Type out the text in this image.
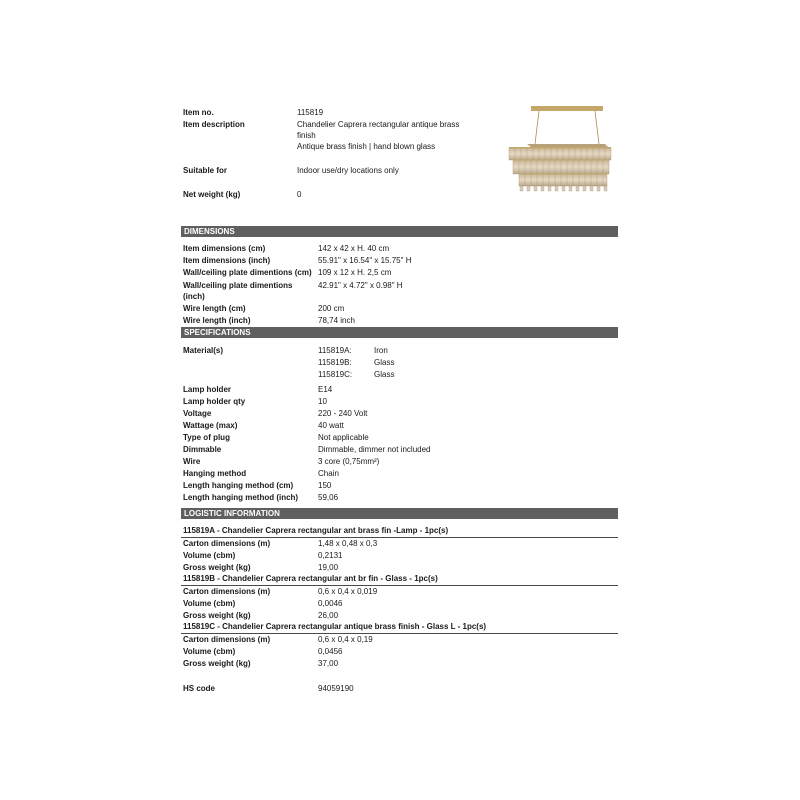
Item no.	115819
Item description	Chandelier Caprera rectangular antique brass
finish
Antique brass finish | hand blown glass
Suitable for	Indoor use/dry locations only
Net weight (kg)	0
DIMENSIONS
Item dimensions (cm)	142 x 42 x H. 40 cm
Item dimensions (inch)	55.91" x 16.54" x 15.75" H
Wall/ceiling plate dimentions (cm) 109 x 12 x H. 2,5 cm
Wall/ceiling plate dimentions
(inch)
42.91" x 4.72" x 0.98" H
Wire length (cm)	200 cm
Wire length (inch)	78,74 inch
SPECIFICATIONS
Material(s)	115819A:	Iron
115819B:	Glass
115819C:	Glass
Lamp holder	E14
Lamp holder qty	10
Voltage	220 - 240 Volt
Wattage (max)	40 watt
Type of plug	Not applicable
Dimmable	Dimmable, dimmer not included
Wire	3 core (0,75mm²)
Hanging method	Chain
Length hanging method (cm)	150
Length hanging method (inch) 59,06
LOGISTIC INFORMATION
115819A - Chandelier Caprera rectangular ant brass fin -Lamp - 1pc(s)
Carton dimensions (m)	1,48 x 0,48 x 0,3
Volume (cbm)	0,2131
Gross weight (kg)	19,00
115819B - Chandelier Caprera rectangular ant br fin - Glass - 1pc(s)
Carton dimensions (m)	0,6 x 0,4 x 0,019
Volume (cbm)	0,0046
Gross weight (kg)	26,00
115819C - Chandelier Caprera rectangular antique brass finish - Glass L - 1pc(s)
Carton dimensions (m)	0,6 x 0,4 x 0,19
Volume (cbm)	0,0456
Gross weight (kg)	37,00
HS code	94059190
